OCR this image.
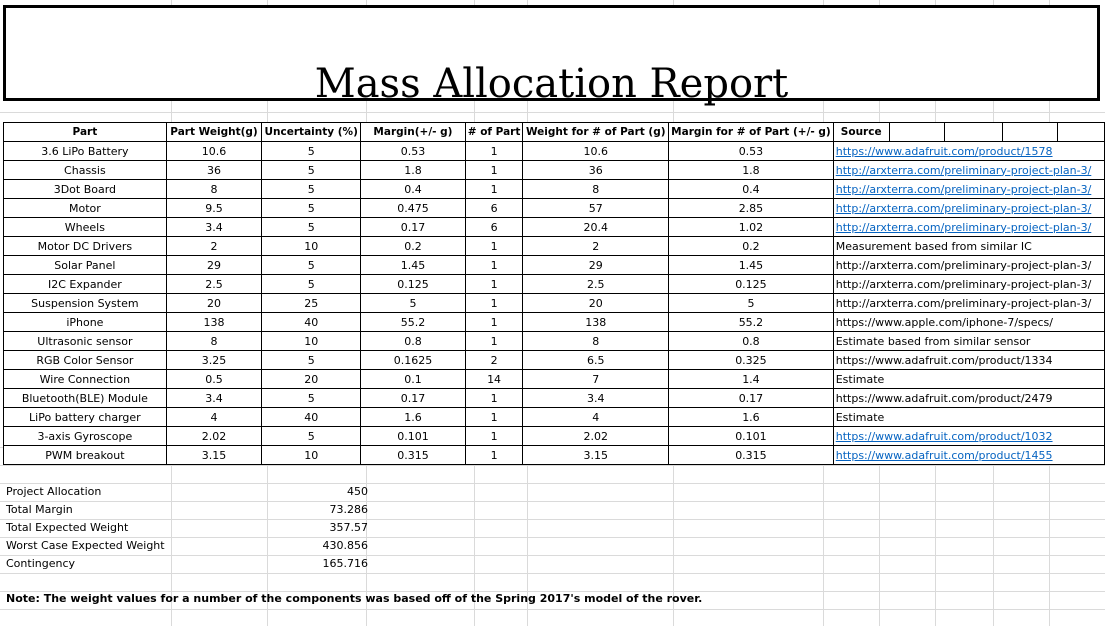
Mass Allocation Report
Part	Part Weight(g)	Uncertainty (%)	Margin(+/- g)	# of Part	Weight for # of Part (g)	Margin for # of Part (+/- g)	Source				
3.6 LiPo Battery	10.6	5	0.53	1	10.6	0.53	https://www.adafruit.com/product/1578				
Chassis	36	5	1.8	1	36	1.8	http://arxterra.com/preliminary-project-plan-3/				
3Dot Board	8	5	0.4	1	8	0.4	http://arxterra.com/preliminary-project-plan-3/				
Motor	9.5	5	0.475	6	57	2.85	http://arxterra.com/preliminary-project-plan-3/				
Wheels	3.4	5	0.17	6	20.4	1.02	http://arxterra.com/preliminary-project-plan-3/				
Motor DC Drivers	2	10	0.2	1	2	0.2	Measurement based from similar IC				
Solar Panel	29	5	1.45	1	29	1.45	http://arxterra.com/preliminary-project-plan-3/				
I2C Expander	2.5	5	0.125	1	2.5	0.125	http://arxterra.com/preliminary-project-plan-3/				
Suspension System	20	25	5	1	20	5	http://arxterra.com/preliminary-project-plan-3/				
iPhone	138	40	55.2	1	138	55.2	https://www.apple.com/iphone-7/specs/				
Ultrasonic sensor	8	10	0.8	1	8	0.8	Estimate based from similar sensor				
RGB Color Sensor	3.25	5	0.1625	2	6.5	0.325	https://www.adafruit.com/product/1334				
Wire Connection	0.5	20	0.1	14	7	1.4	Estimate				
Bluetooth(BLE) Module	3.4	5	0.17	1	3.4	0.17	https://www.adafruit.com/product/2479				
LiPo battery charger	4	40	1.6	1	4	1.6	Estimate				
3-axis Gyroscope	2.02	5	0.101	1	2.02	0.101	https://www.adafruit.com/product/1032				
PWM breakout	3.15	10	0.315	1	3.15	0.315	https://www.adafruit.com/product/1455				
Project Allocation	450
Total Margin	73.286
Total Expected Weight	357.57
Worst Case Expected Weight	430.856
Contingency	165.716
Note: The weight values for a number of the components was based off of the Spring 2017's model of the rover.
